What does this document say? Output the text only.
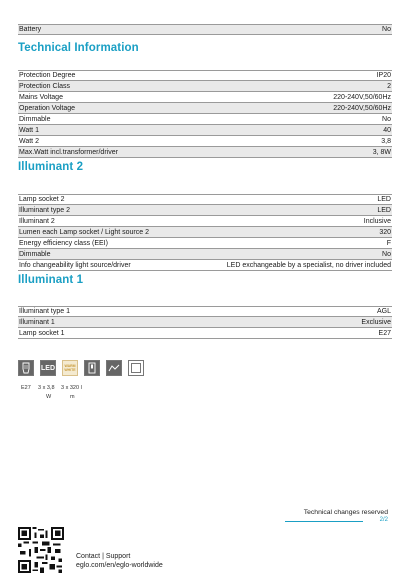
Battery	No
Technical Information
Protection Degree	IP20
Protection Class	2
Mains Voltage	220-240V,50/60Hz
Operation Voltage	220-240V,50/60Hz
Dimmable	No
Watt 1	40
Watt 2	3,8
Max.Watt incl.transformer/driver	3, 8W
Illuminant 2
Lamp socket 2	LED
Illuminant type 2	LED
Illuminant 2	Inclusive
Lumen each Lamp socket / Light source 2	320
Energy efficiency class (EEI)	F
Dimmable	No
Info changeability light source/driver	LED exchangeable by a specialist, no driver included
Illuminant 1
Illuminant type 1	AGL
Illuminant 1	Exclusive
Lamp socket 1	E27
LED	WARM WHITE
E27 3 x 3,8
W
3 x 320 l
m
Technical changes reserved
2/2
Contact | Support
eglo.com/en/eglo-worldwide
